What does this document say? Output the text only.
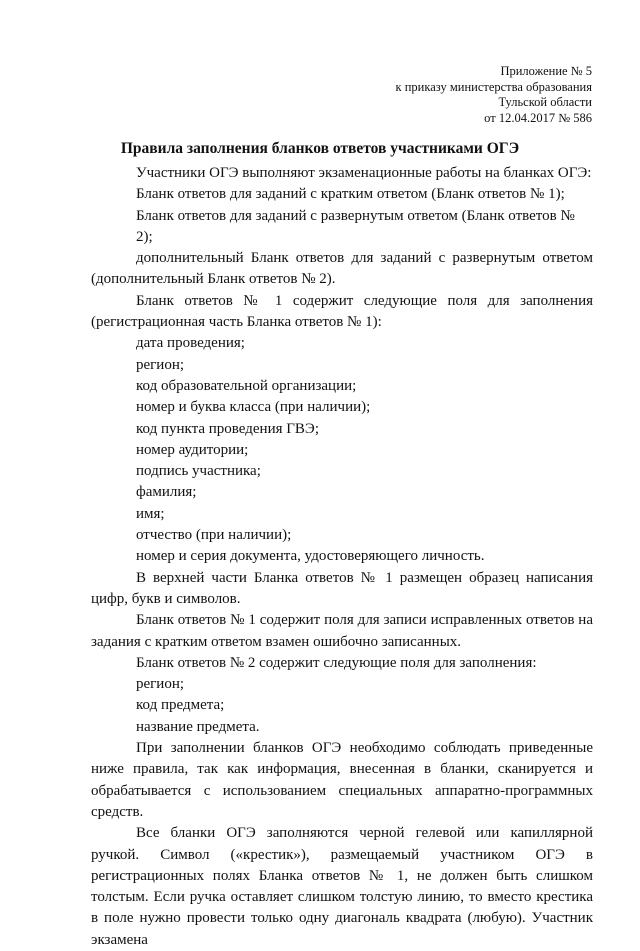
Приложение № 5
к приказу министерства образования
Тульской области
от 12.04.2017 № 586
Правила заполнения бланков ответов участниками ОГЭ

Участники ОГЭ выполняют экзаменационные работы на бланках ОГЭ:

Бланк ответов для заданий с кратким ответом (Бланк ответов № 1);

Бланк ответов для заданий с развернутым ответом (Бланк ответов № 2);

дополнительный Бланк ответов для заданий с развернутым ответом (дополнительный Бланк ответов № 2).

Бланк ответов № 1 содержит следующие поля для заполнения (регистрационная часть Бланка ответов № 1):

дата проведения;

регион;

код образовательной организации;

номер и буква класса (при наличии);

код пункта проведения ГВЭ;

номер аудитории;

подпись участника;

фамилия;

имя;

отчество (при наличии);

номер и серия документа, удостоверяющего личность.

В верхней части Бланка ответов № 1 размещен образец написания цифр, букв и символов.

Бланк ответов № 1 содержит поля для записи исправленных ответов на задания с кратким ответом взамен ошибочно записанных.

Бланк ответов № 2 содержит следующие поля для заполнения:

регион;

код предмета;

название предмета.

При заполнении бланков ОГЭ необходимо соблюдать приведенные ниже правила, так как информация, внесенная в бланки, сканируется и обрабатывается с использованием специальных аппаратно-программных средств.

Все бланки ОГЭ заполняются черной гелевой или капиллярной ручкой. Символ («крестик»), размещаемый участником ОГЭ в регистрационных полях Бланка ответов № 1, не должен быть слишком толстым. Если ручка оставляет слишком толстую линию, то вместо крестика в поле нужно провести только одну диагональ квадрата (любую). Участник экзамена
